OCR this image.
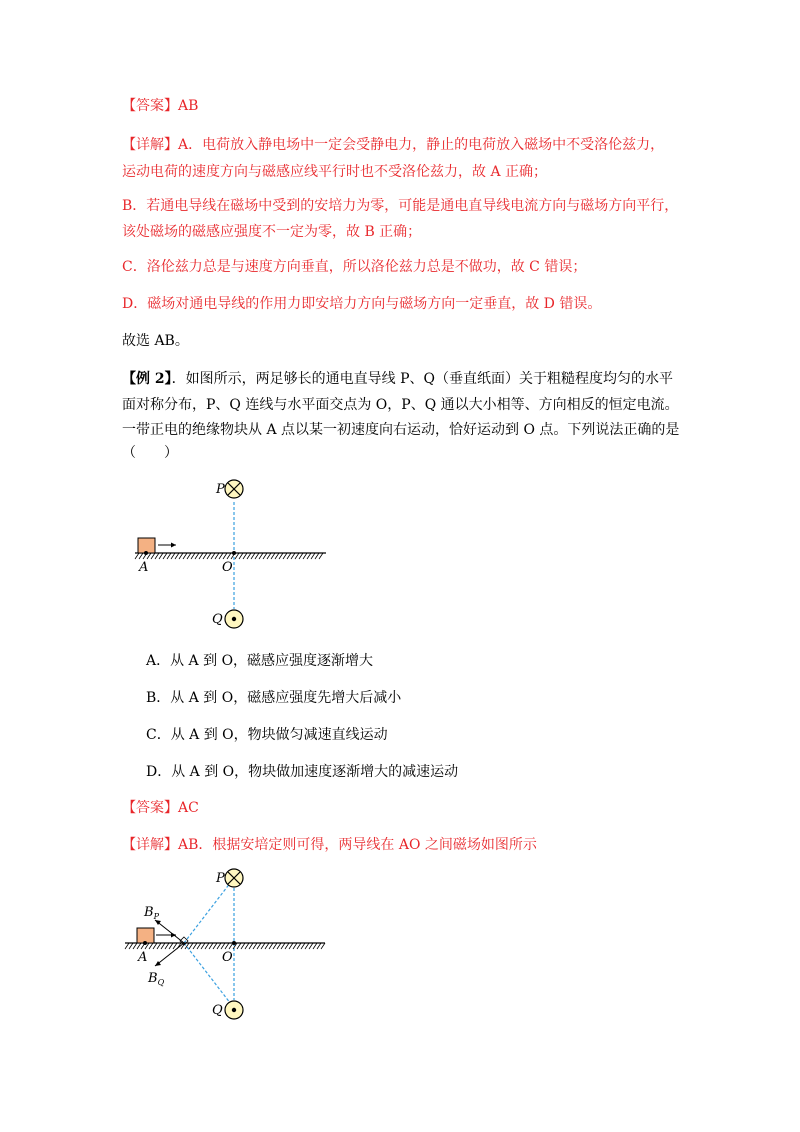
【答案】AB
【详解】A．电荷放入静电场中一定会受静电力，静止的电荷放入磁场中不受洛伦兹力，
运动电荷的速度方向与磁感应线平行时也不受洛伦兹力，故 A 正确；
B．若通电导线在磁场中受到的安培力为零，可能是通电直导线电流方向与磁场方向平行，
该处磁场的磁感应强度不一定为零，故 B 正确；
C．洛伦兹力总是与速度方向垂直，所以洛伦兹力总是不做功，故 C 错误；
D．磁场对通电导线的作用力即安培力方向与磁场方向一定垂直，故 D 错误。
故选 AB。
【例 2】．如图所示，两足够长的通电直导线 P、Q（垂直纸面）关于粗糙程度均匀的水平
面对称分布，P、Q 连线与水平面交点为 O，P、Q 通以大小相等、方向相反的恒定电流。
一带正电的绝缘物块从 A 点以某一初速度向右运动，恰好运动到 O 点。下列说法正确的是
（　　）
P
Q
A	O
A．从 A 到 O，磁感应强度逐渐增大
B．从 A 到 O，磁感应强度先增大后减小
C．从 A 到 O，物块做匀减速直线运动
D．从 A 到 O，物块做加速度逐渐增大的减速运动
【答案】AC
【详解】AB．根据安培定则可得，两导线在 AO 之间磁场如图所示
P
Q
A	O
$B_P$
$B_Q$
